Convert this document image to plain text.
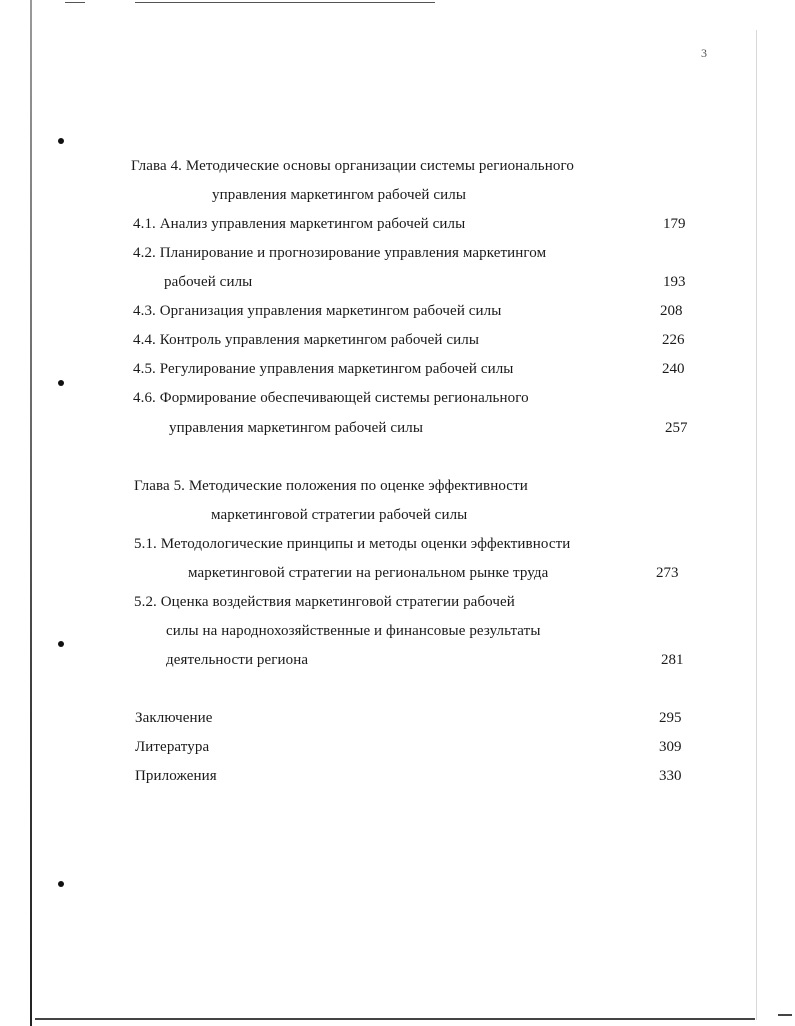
3
Глава 4. Методические основы организации системы регионального
управления маркетингом рабочей силы
4.1. Анализ управления маркетингом рабочей силы	179
4.2. Планирование и прогнозирование управления маркетингом
рабочей силы	193
4.3. Организация управления маркетингом рабочей силы	208
4.4. Контроль управления маркетингом рабочей силы	226
4.5. Регулирование управления маркетингом рабочей силы	240
4.6. Формирование обеспечивающей системы регионального
управления маркетингом рабочей силы	257
Глава 5. Методические положения по оценке эффективности
маркетинговой стратегии рабочей силы
5.1. Методологические принципы и методы оценки эффективности
маркетинговой стратегии на региональном рынке труда	273
5.2. Оценка воздействия маркетинговой стратегии рабочей
силы на народнохозяйственные и финансовые результаты
деятельности региона	281
Заключение	295
Литература	309
Приложения	330
